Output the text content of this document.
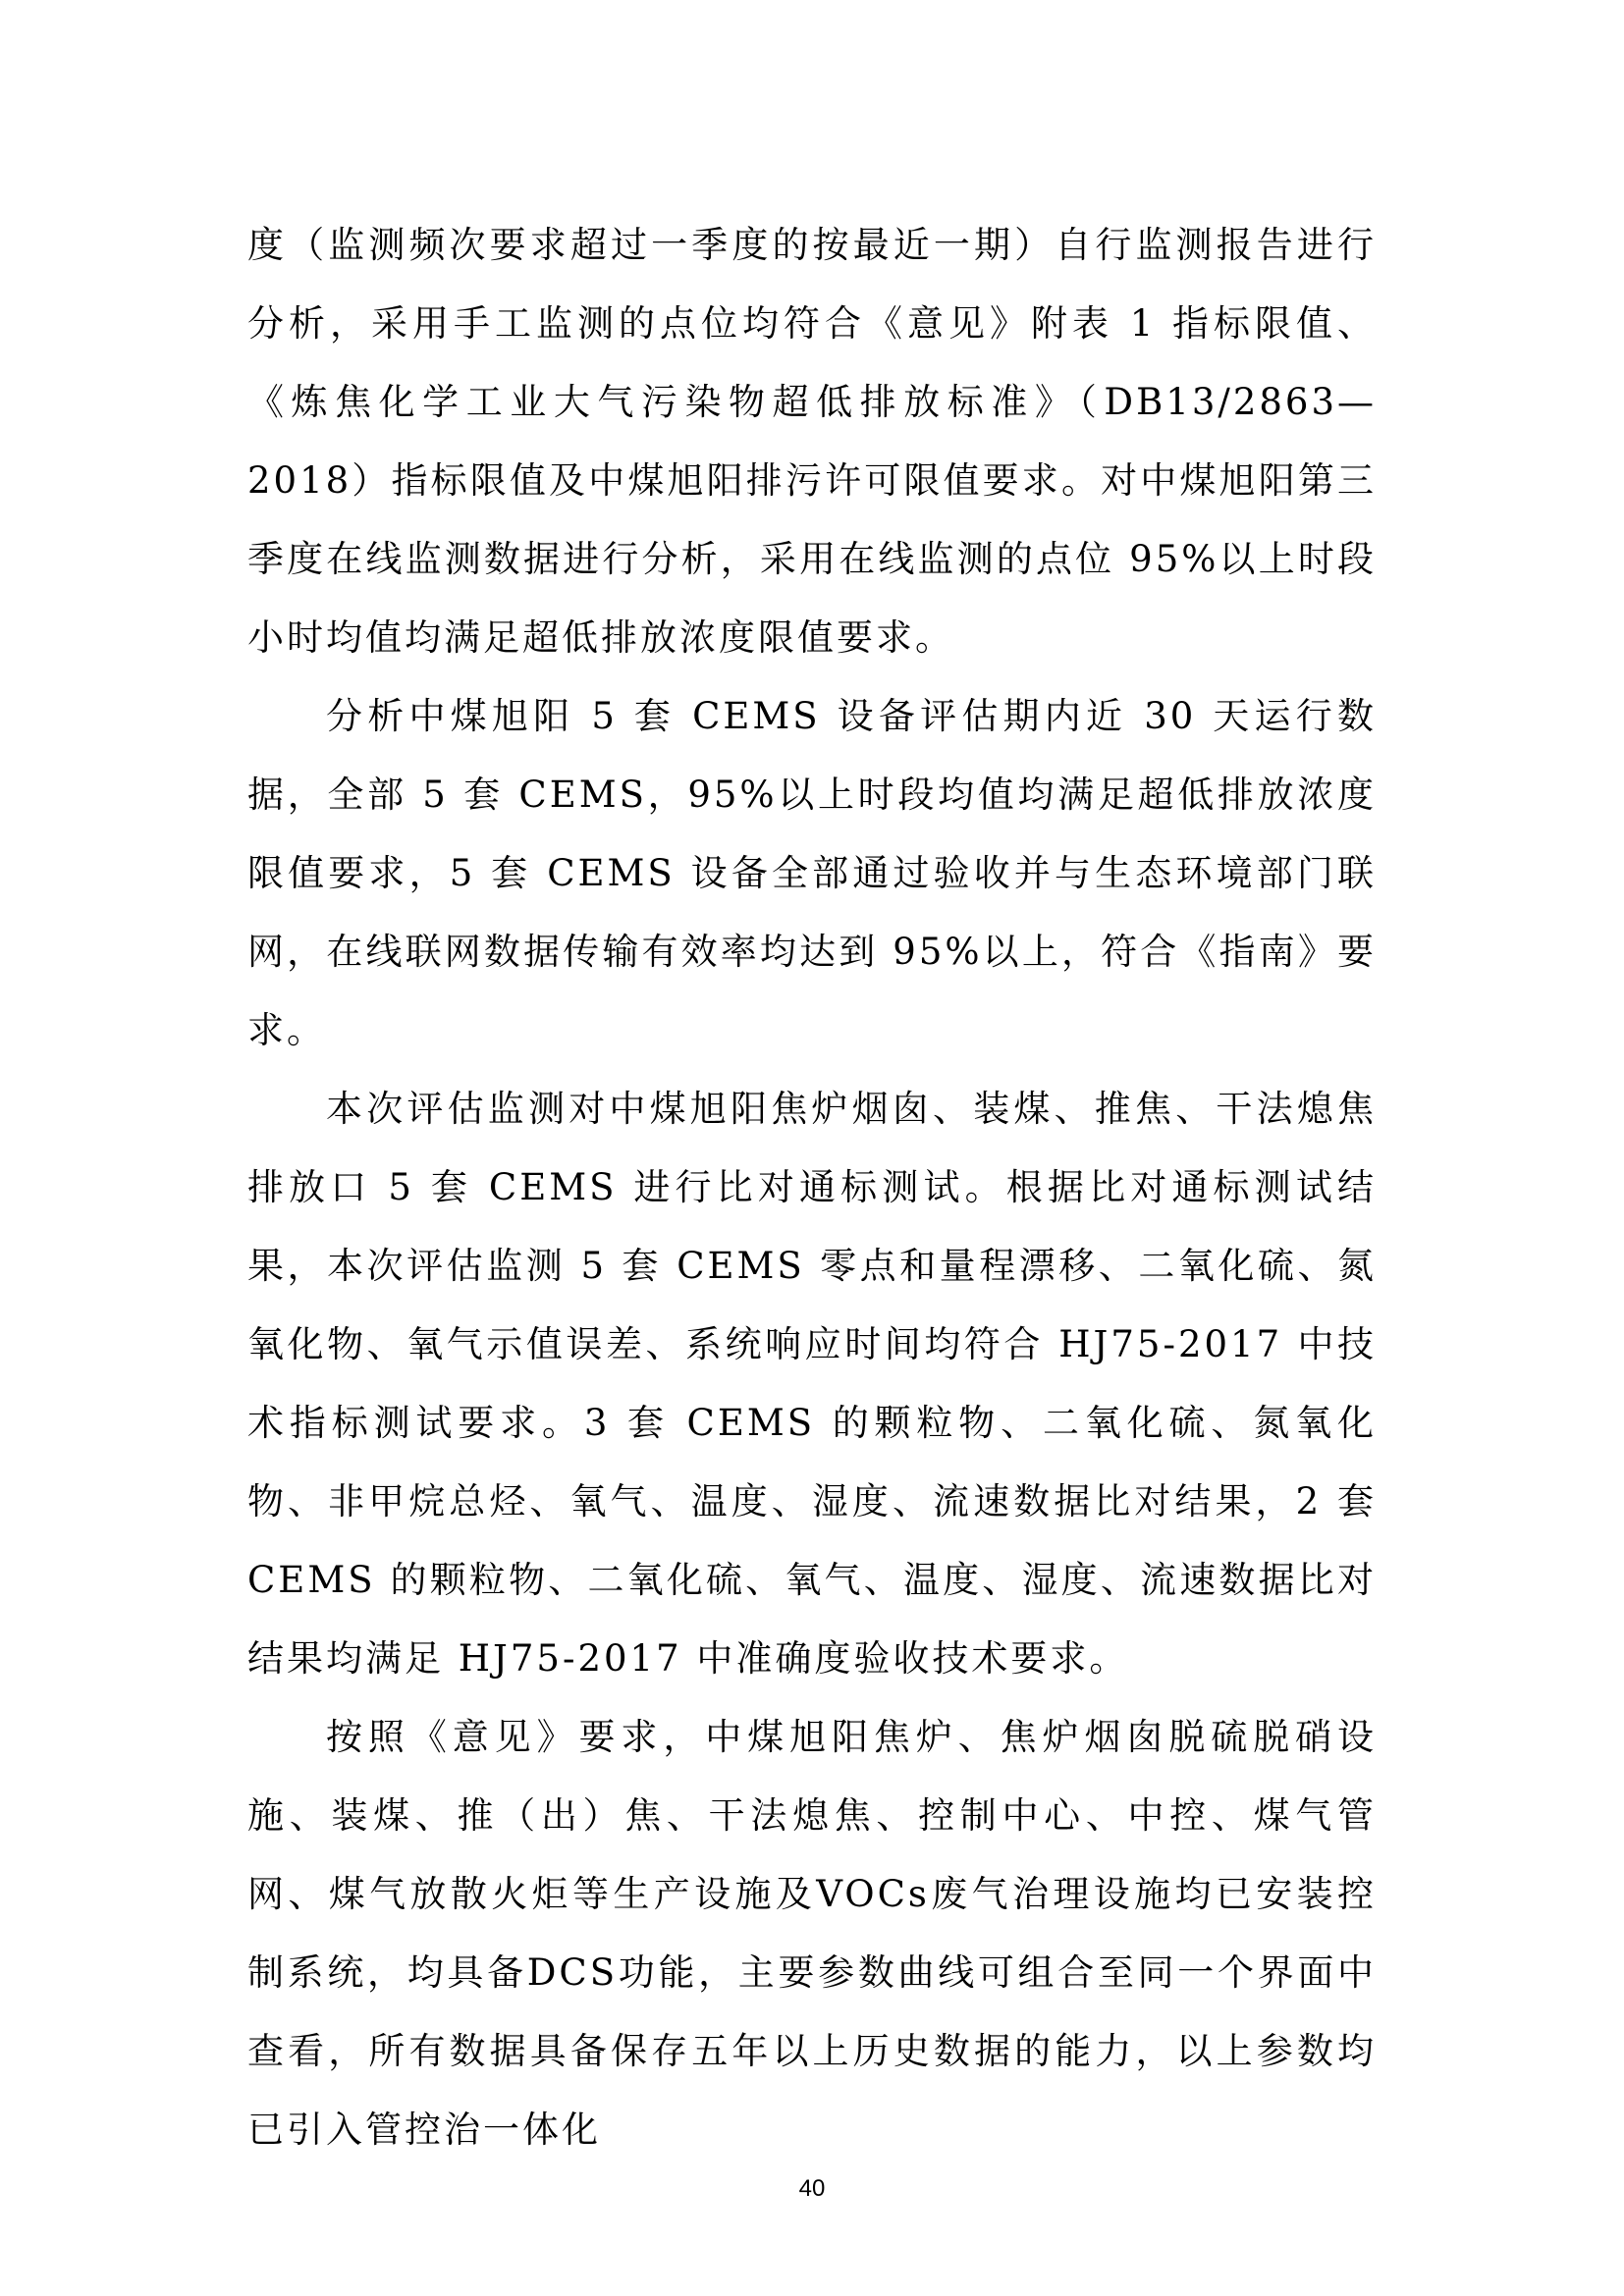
度（监测频次要求超过一季度的按最近一期）自行监测报告进行分析，采用手工监测的点位均符合《意见》附表 1 指标限值、《炼焦化学工业大气污染物超低排放标准》（DB13/2863—2018）指标限值及中煤旭阳排污许可限值要求。对中煤旭阳第三季度在线监测数据进行分析，采用在线监测的点位 95%以上时段小时均值均满足超低排放浓度限值要求。

分析中煤旭阳 5 套 CEMS 设备评估期内近 30 天运行数据，全部 5 套 CEMS，95%以上时段均值均满足超低排放浓度限值要求，5 套 CEMS 设备全部通过验收并与生态环境部门联网，在线联网数据传输有效率均达到 95%以上，符合《指南》要求。

本次评估监测对中煤旭阳焦炉烟囱、装煤、推焦、干法熄焦排放口 5 套 CEMS 进行比对通标测试。根据比对通标测试结果，本次评估监测 5 套 CEMS 零点和量程漂移、二氧化硫、氮氧化物、氧气示值误差、系统响应时间均符合 HJ75-2017 中技术指标测试要求。3 套 CEMS 的颗粒物、二氧化硫、氮氧化物、非甲烷总烃、氧气、温度、湿度、流速数据比对结果，2 套 CEMS 的颗粒物、二氧化硫、氧气、温度、湿度、流速数据比对结果均满足 HJ75-2017 中准确度验收技术要求。

按照《意见》要求，中煤旭阳焦炉、焦炉烟囱脱硫脱硝设施、装煤、推（出）焦、干法熄焦、控制中心、中控、煤气管网、煤气放散火炬等生产设施及VOCs废气治理设施均已安装控制系统，均具备DCS功能，主要参数曲线可组合至同一个界面中查看，所有数据具备保存五年以上历史数据的能力，以上参数均已引入管控治一体化

40
